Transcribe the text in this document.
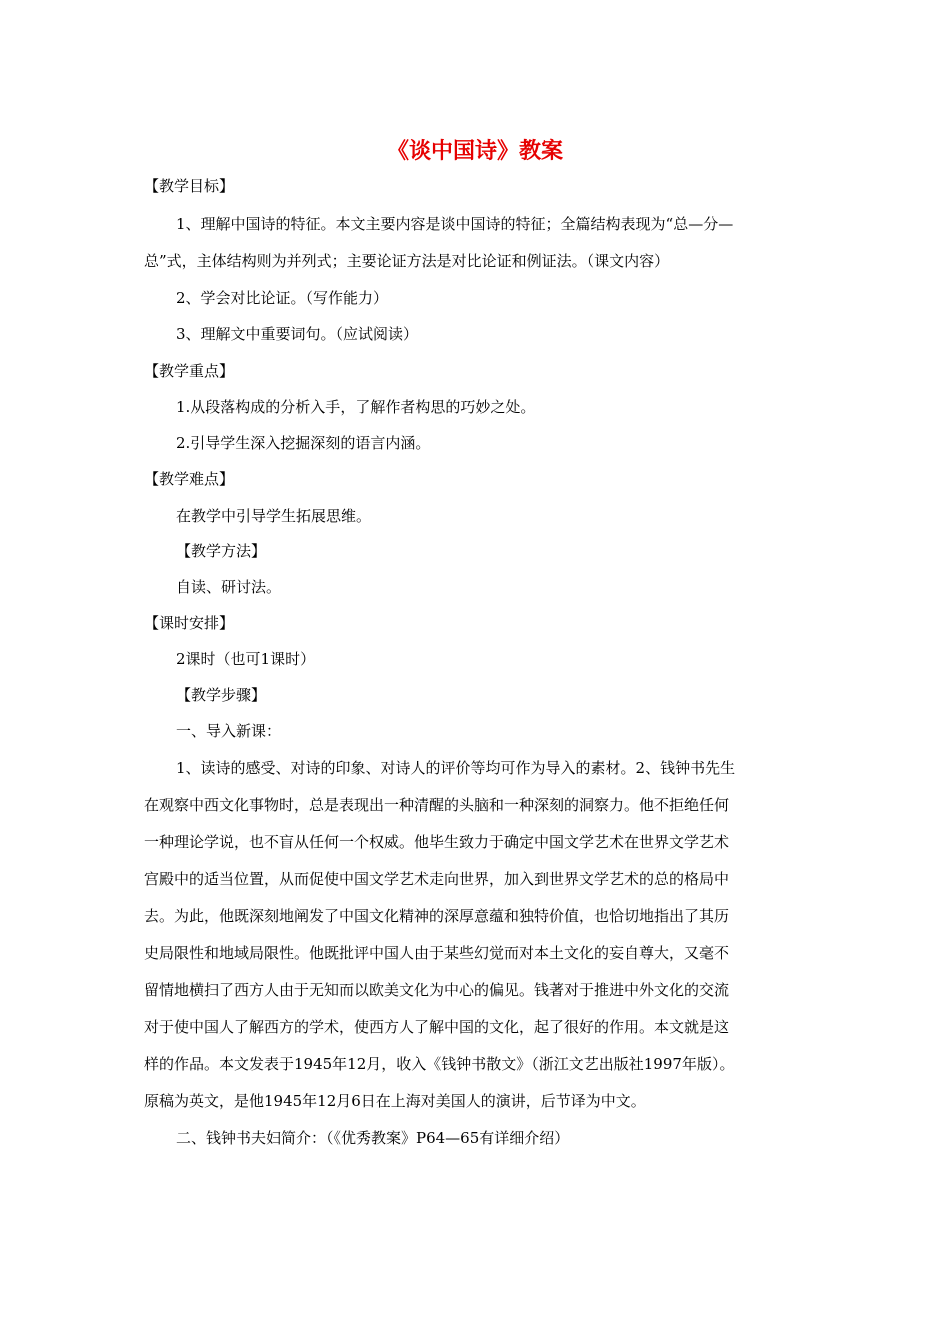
《谈中国诗》教案
【教学目标】
1、理解中国诗的特征。本文主要内容是谈中国诗的特征；全篇结构表现为“总—分—
总”式，主体结构则为并列式；主要论证方法是对比论证和例证法。（课文内容）
2、学会对比论证。（写作能力）
3、理解文中重要词句。（应试阅读）
【教学重点】
1.从段落构成的分析入手，了解作者构思的巧妙之处。
2.引导学生深入挖掘深刻的语言内涵。
【教学难点】
在教学中引导学生拓展思维。
【教学方法】
自读、研讨法。
【课时安排】
2课时（也可1课时）
【教学步骤】
一、导入新课：
1、读诗的感受、对诗的印象、对诗人的评价等均可作为导入的素材。2、钱钟书先生
在观察中西文化事物时，总是表现出一种清醒的头脑和一种深刻的洞察力。他不拒绝任何
一种理论学说，也不盲从任何一个权威。他毕生致力于确定中国文学艺术在世界文学艺术
宫殿中的适当位置，从而促使中国文学艺术走向世界，加入到世界文学艺术的总的格局中
去。为此，他既深刻地阐发了中国文化精神的深厚意蕴和独特价值，也恰切地指出了其历
史局限性和地域局限性。他既批评中国人由于某些幻觉而对本土文化的妄自尊大，又毫不
留情地横扫了西方人由于无知而以欧美文化为中心的偏见。钱著对于推进中外文化的交流
对于使中国人了解西方的学术，使西方人了解中国的文化，起了很好的作用。本文就是这
样的作品。本文发表于1945年12月，收入《钱钟书散文》（浙江文艺出版社1997年版）。
原稿为英文，是他1945年12月6日在上海对美国人的演讲，后节译为中文。
二、钱钟书夫妇简介：（《优秀教案》P64—65有详细介绍）
